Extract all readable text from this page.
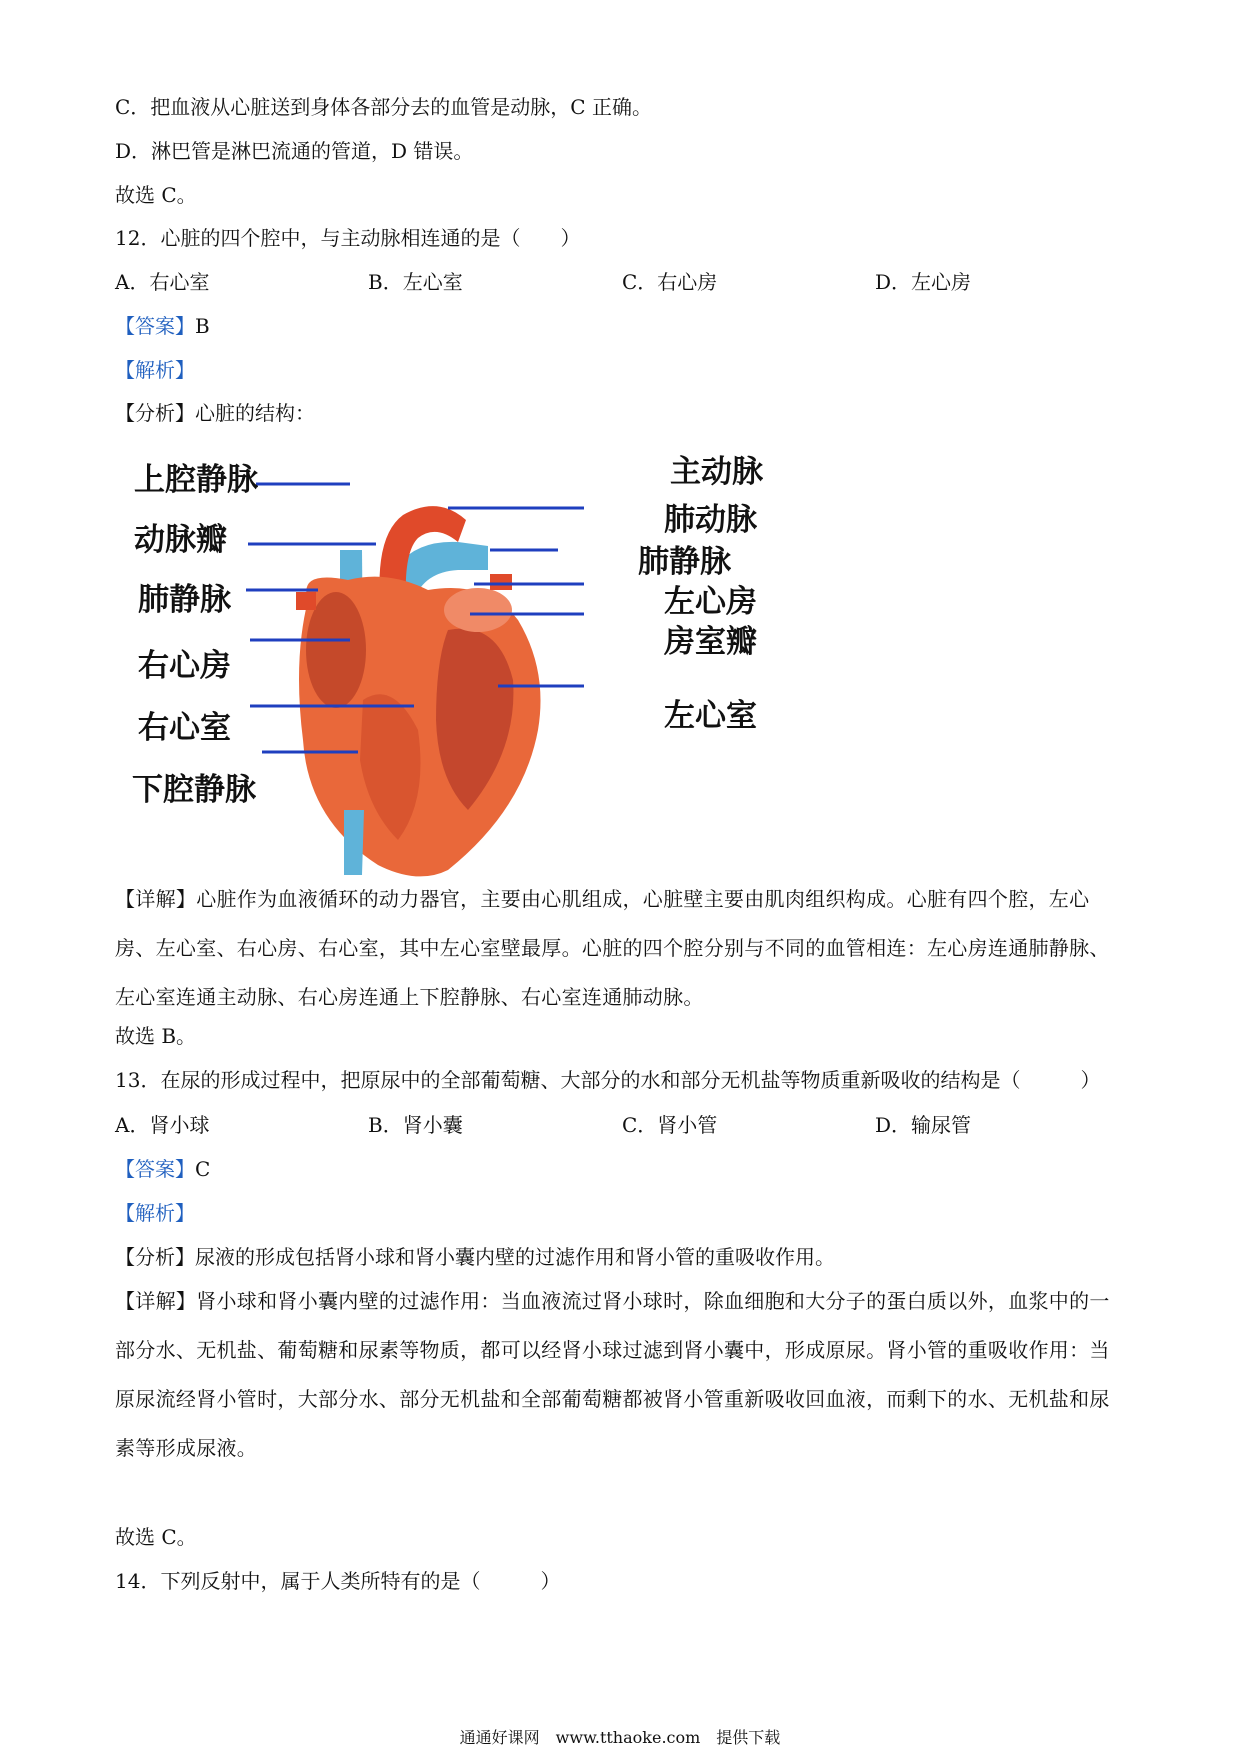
C．把血液从心脏送到身体各部分去的血管是动脉，C 正确。
D．淋巴管是淋巴流通的管道，D 错误。
故选 C。
12．心脏的四个腔中，与主动脉相连通的是（　　）
A．右心室	B．左心室	C．右心房	D．左心房
【答案】B
【解析】
【分析】心脏的结构：
上腔静脉
动脉瓣
肺静脉
右心房
右心室
下腔静脉
主动脉
肺动脉
肺静脉
左心房
房室瓣
左心室
【详解】心脏作为血液循环的动力器官，主要由心肌组成，心脏壁主要由肌肉组织构成。心脏有四个腔，左心房、左心室、右心房、右心室，其中左心室壁最厚。心脏的四个腔分别与不同的血管相连：左心房连通肺静脉、左心室连通主动脉、右心房连通上下腔静脉、右心室连通肺动脉。
故选 B。
13．在尿的形成过程中，把原尿中的全部葡萄糖、大部分的水和部分无机盐等物质重新吸收的结构是（　　　）
A．肾小球	B．肾小囊	C．肾小管	D．输尿管
【答案】C
【解析】
【分析】尿液的形成包括肾小球和肾小囊内壁的过滤作用和肾小管的重吸收作用。
【详解】肾小球和肾小囊内壁的过滤作用：当血液流过肾小球时，除血细胞和大分子的蛋白质以外，血浆中的一部分水、无机盐、葡萄糖和尿素等物质，都可以经肾小球过滤到肾小囊中，形成原尿。肾小管的重吸收作用：当原尿流经肾小管时，大部分水、部分无机盐和全部葡萄糖都被肾小管重新吸收回血液，而剩下的水、无机盐和尿素等形成尿液。
故选 C。
14．下列反射中，属于人类所特有的是（　　　）
通通好课网　www.tthaoke.com　提供下载
